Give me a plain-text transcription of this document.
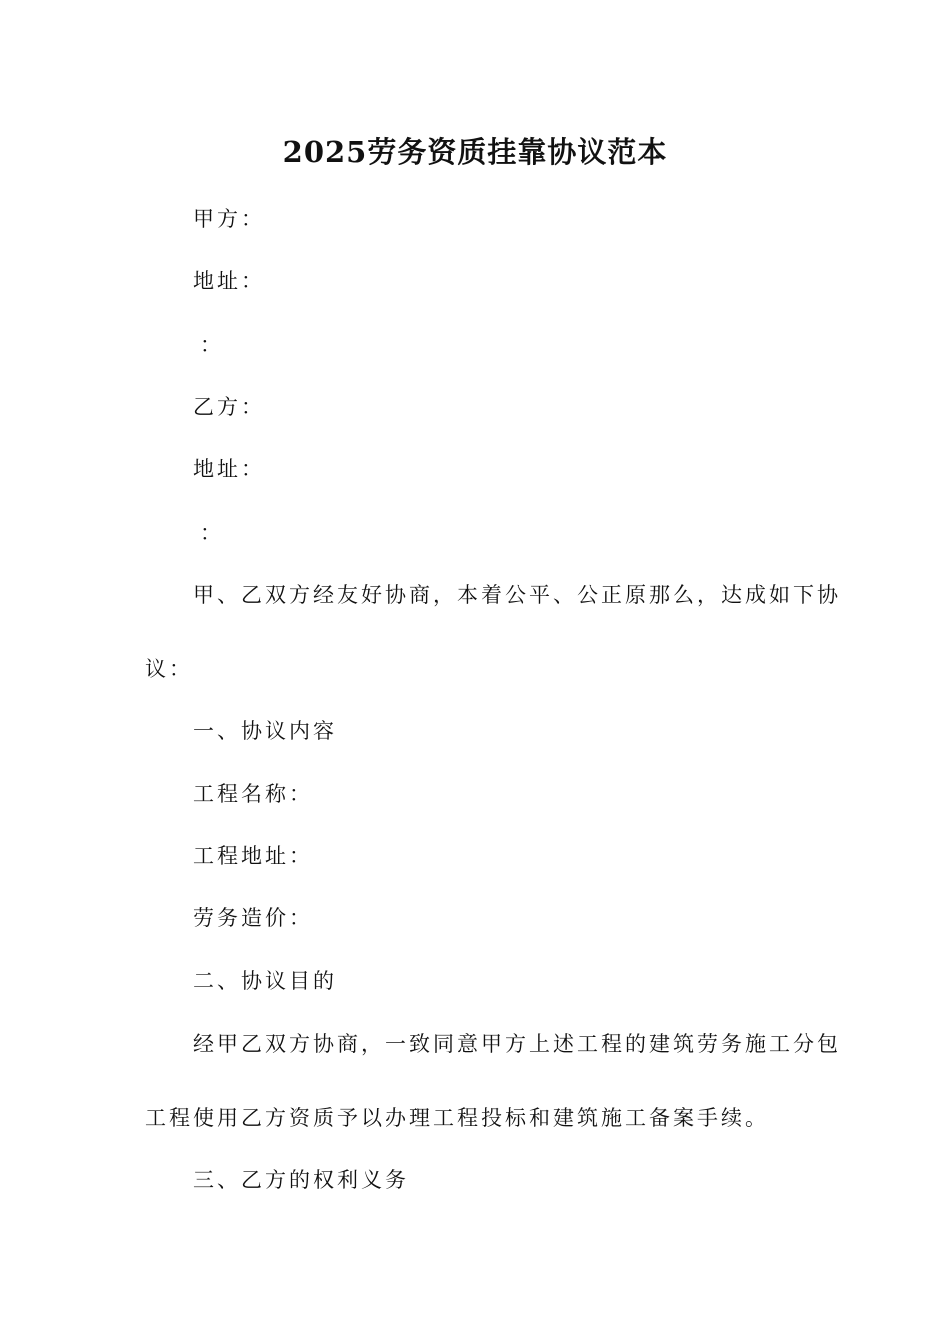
2025劳务资质挂靠协议范本
甲方：
地址：
：
乙方：
地址：
：
甲、乙双方经友好协商，本着公平、公正原那么，达成如下协
议：
一、协议内容
工程名称：
工程地址：
劳务造价：
二、协议目的
经甲乙双方协商，一致同意甲方上述工程的建筑劳务施工分包
工程使用乙方资质予以办理工程投标和建筑施工备案手续。
三、乙方的权利义务
